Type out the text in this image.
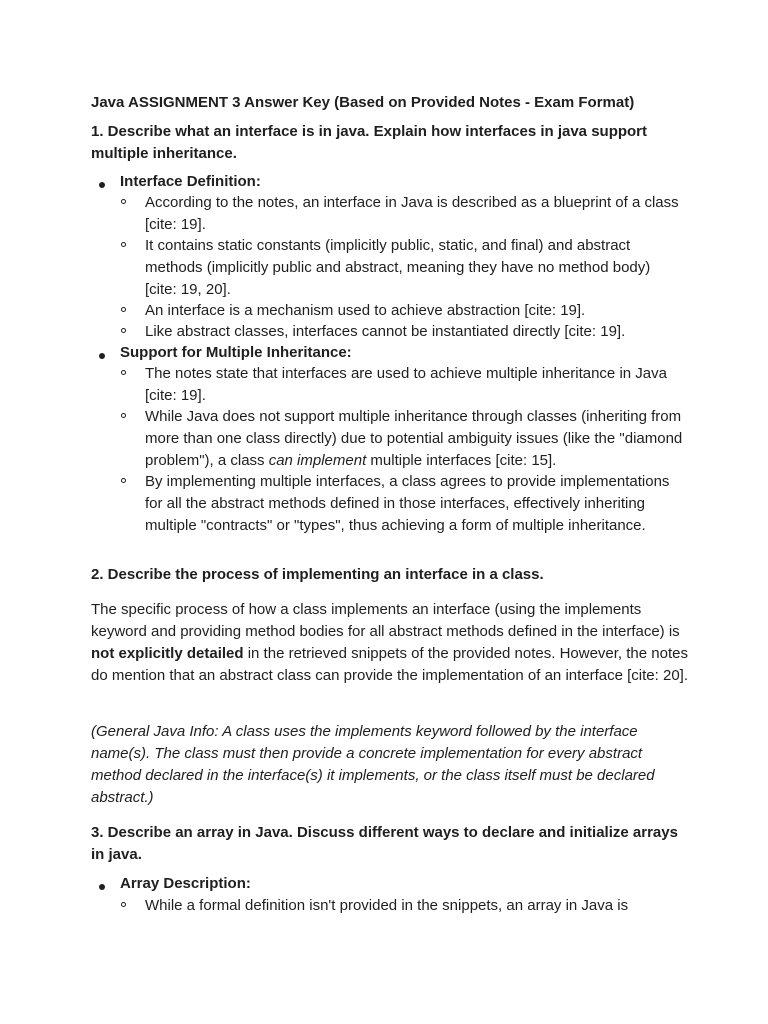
Java ASSIGNMENT 3 Answer Key (Based on Provided Notes - Exam Format)
1. Describe what an interface is in java. Explain how interfaces in java support multiple inheritance.
Interface Definition:
According to the notes, an interface in Java is described as a blueprint of a class [cite: 19].
It contains static constants (implicitly public, static, and final) and abstract methods (implicitly public and abstract, meaning they have no method body) [cite: 19, 20].
An interface is a mechanism used to achieve abstraction [cite: 19].
Like abstract classes, interfaces cannot be instantiated directly [cite: 19].
Support for Multiple Inheritance:
The notes state that interfaces are used to achieve multiple inheritance in Java [cite: 19].
While Java does not support multiple inheritance through classes (inheriting from more than one class directly) due to potential ambiguity issues (like the "diamond problem"), a class can implement multiple interfaces [cite: 15].
By implementing multiple interfaces, a class agrees to provide implementations for all the abstract methods defined in those interfaces, effectively inheriting multiple "contracts" or "types", thus achieving a form of multiple inheritance.
2. Describe the process of implementing an interface in a class.
The specific process of how a class implements an interface (using the implements keyword and providing method bodies for all abstract methods defined in the interface) is not explicitly detailed in the retrieved snippets of the provided notes. However, the notes do mention that an abstract class can provide the implementation of an interface [cite: 20].
(General Java Info: A class uses the implements keyword followed by the interface name(s). The class must then provide a concrete implementation for every abstract method declared in the interface(s) it implements, or the class itself must be declared abstract.)
3. Describe an array in Java. Discuss different ways to declare and initialize arrays in java.
Array Description:
While a formal definition isn't provided in the snippets, an array in Java is
